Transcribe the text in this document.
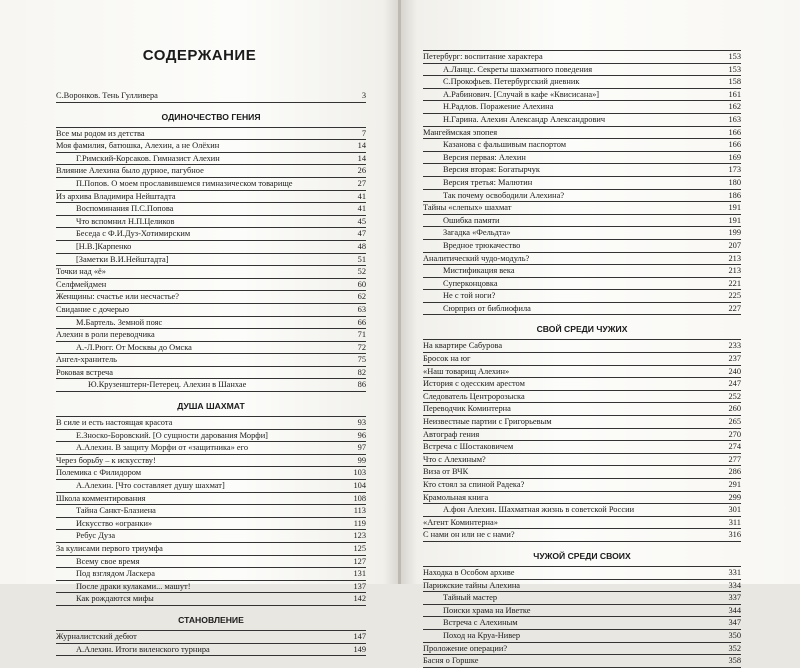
СОДЕРЖАНИЕ
С.Воронков. Тень Гулливера	3
ОДИНОЧЕСТВО ГЕНИЯ
Все мы родом из детства	7
Моя фамилия, батюшка, Алехин, а не Олёхин	14
Г.Римский-Корсаков. Гимназист Алехин	14
Влияние Алехина было дурное, пагубное	26
П.Попов. О моем прославившемся гимназическом товарище	27
Из архива Владимира Нейштадта	41
Воспоминания П.С.Попова	41
Что вспомнил Н.П.Целиков	45
Беседа с Ф.И.Дуз-Хотимирским	47
[Н.В.]Карпенко	48
[Заметки В.И.Нейштадта]	51
Точки над «ё»	52
Селфмейдмен	60
Женщины: счастье или несчастье?	62
Свидание с дочерью	63
М.Бартель. Земной пояс	66
Алехин в роли переводчика	71
А.-Л.Рюгг. От Москвы до Омска	72
Ангел-хранитель	75
Роковая встреча	82
Ю.Крузенштерн-Петерец. Алехин в Шанхае	86
ДУША ШАХМАТ
В силе и есть настоящая красота	93
Е.Зноско-Боровский. [О сущности дарования Морфи]	96
А.Алехин. В защиту Морфи от «защитника» его	97
Через борьбу – к искусству!	99
Полемика с Филидором	103
А.Алехин. [Что составляет душу шахмат]	104
Школа комментирования	108
Тайна Санкт-Блазиена	113
Искусство «огранки»	119
Ребус Дуза	123
За кулисами первого триумфа	125
Всему свое время	127
Под взглядом Ласкера	131
После драки кулаками... машут!	137
Как рождаются мифы	142
СТАНОВЛЕНИЕ
Журналистский дебют	147
А.Алехин. Итоги виленского турнира	149
Петербург: воспитание характера	153
А.Ланцс. Секреты шахматного поведения	153
С.Прокофьев. Петербургский дневник	158
А.Рабинович. [Случай в кафе «Квисисана»]	161
Н.Радлов. Поражение Алехина	162
Н.Гарина. Алехин Александр Александрович	163
Мангеймская эпопея	166
Казанова с фальшивым паспортом	166
Версия первая: Алехин	169
Версия вторая: Богатырчук	173
Версия третья: Малютин	180
Так почему освободили Алехина?	186
Тайны «слепых» шахмат	191
Ошибка памяти	191
Загадка «Фельдта»	199
Вредное трюкачество	207
Аналитический чудо-модуль?	213
Мистификация века	213
Суперконцовка	221
Не с той ноги?	225
Сюрприз от библиофила	227
СВОЙ СРЕДИ ЧУЖИХ
На квартире Сабурова	233
Бросок на юг	237
«Наш товарищ Алехин»	240
История с одесским арестом	247
Следователь Центророзыска	252
Переводчик Коминтерна	260
Неизвестные партии с Григорьевым	265
Автограф гения	270
Встреча с Шостаковичем	274
Что с Алехиным?	277
Виза от ВЧК	286
Кто стоял за спиной Радека?	291
Крамольная книга	299
А.фон Алехин. Шахматная жизнь в советской России	301
«Агент Коминтерна»	311
С нами он или не с нами?	316
ЧУЖОЙ СРЕДИ СВОИХ
Находка в Особом архиве	331
Парижские тайны Алехина	334
Тайный мастер	337
Поиски храма на Иветке	344
Встреча с Алехиным	347
Поход на Круа-Нивер	350
Проложение операции?	352
Басня о Горшке	358
